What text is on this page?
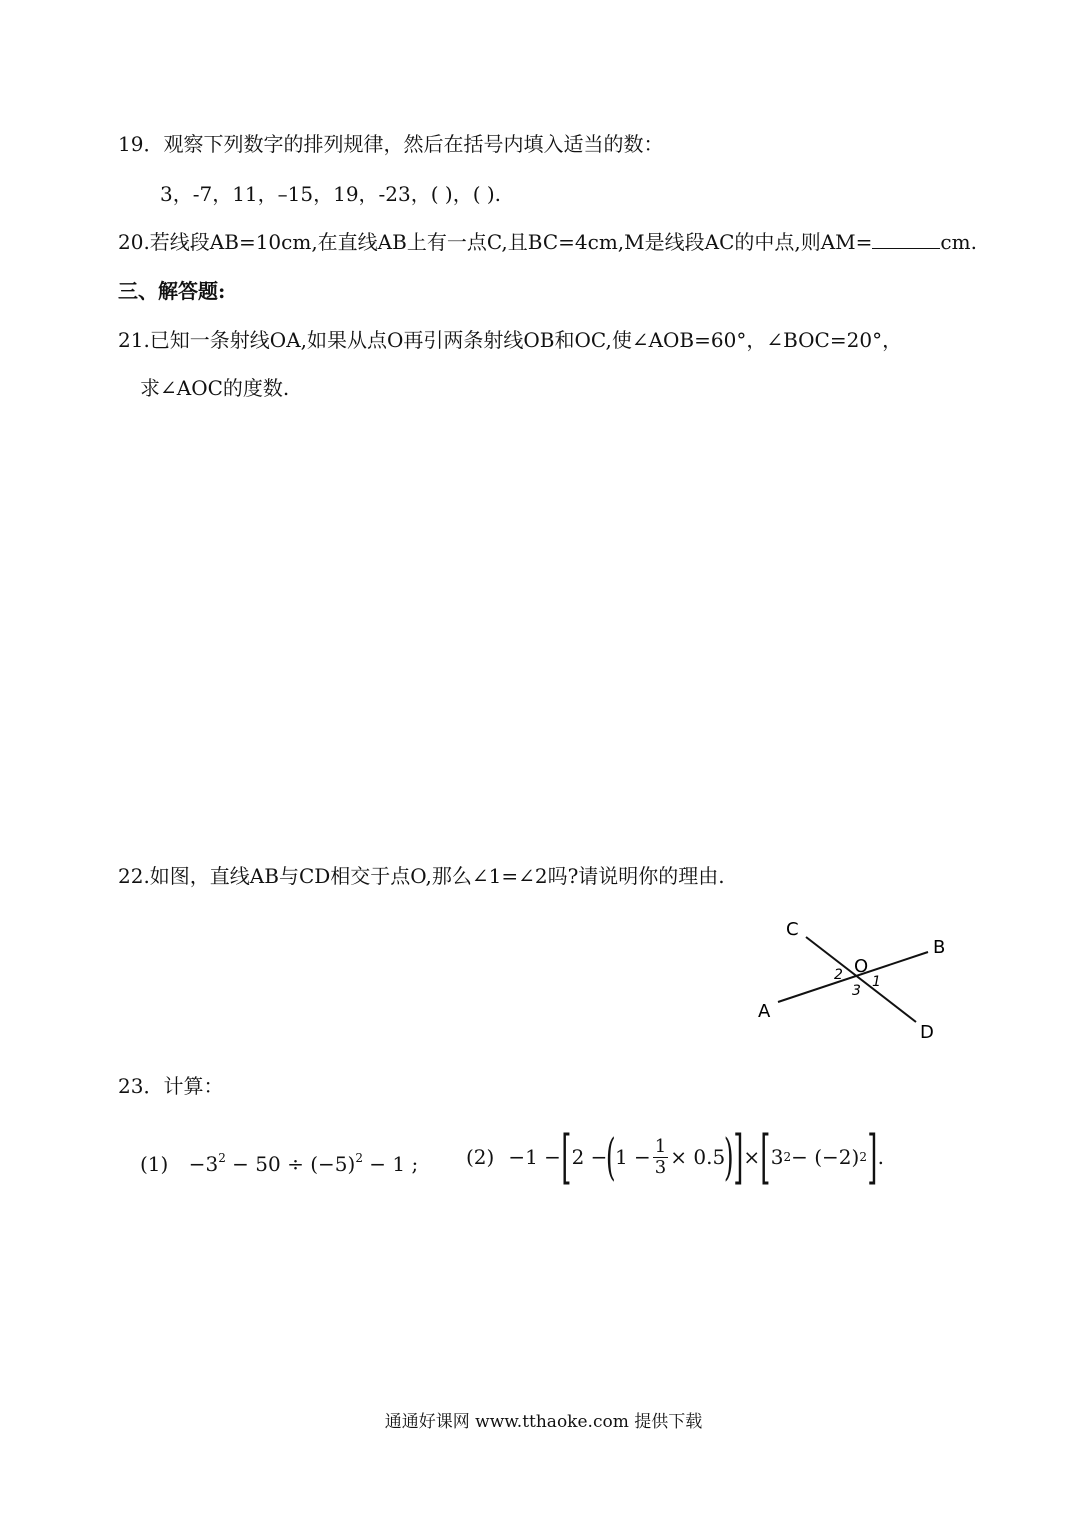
19．观察下列数字的排列规律，然后在括号内填入适当的数：
3，-7，11，–15，19，-23，( )，( ).
20.若线段AB=10cm,在直线AB上有一点C,且BC=4cm,M是线段AC的中点,则AM=	cm.
三、解答题:
21.已知一条射线OA,如果从点O再引两条射线OB和OC,使∠AOB=60°，∠BOC=20°，
求∠AOC的度数.
22.如图，直线AB与CD相交于点O,那么∠1=∠2吗?请说明你的理由.
C
B
A
D
O
2 1
3
23．计算：
$(1) -3^2 - 50 \div (-5)^2 - 1$ ; (2) −1 − [ 2 −
(
$1 - \frac{1}{3} \times 0.5$
) ] × [ 3 2 − (−2) 2 ] .
通通好课网 www.tthaoke.com 提供下载
